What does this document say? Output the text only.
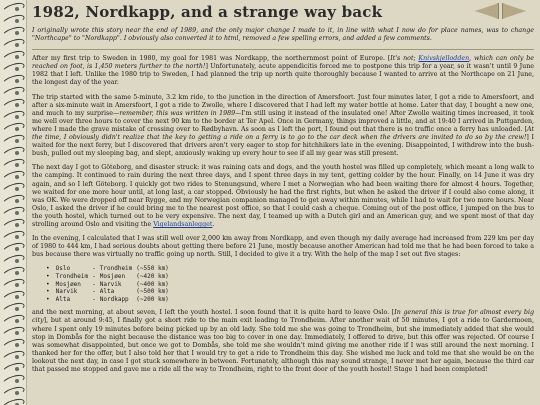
1982, Nordkapp, and a strange way back

I originally wrote this story near the end of 1989, and the only major change I made to it, in line with what I now do for place names, was to change "Northcape" to "Nordkapp". I obviously also converted it to html, removed a few spelling errors, and added a few comments.

After my first trip to Sweden in 1980, my goal for 1981 was Nordkapp, the northernmost point of Europe. [It's not; Knivskjellodden, which can only be reached on foot, is 1,450 meters further to the north!] Unfortunately, acute appendicitis forced me to postpone this trip for a year, so it wasn't until 9 June 1982 that I left. Unlike the 1980 trip to Sweden, I had planned the trip up north quite thoroughly because I wanted to arrive at the Northcape on 21 June, the longest day of the year.

The trip started with the same 5-minute, 3.2 km ride, to the junction in the direction of Amersfoort. Just four minutes later, I got a ride to Amersfoort, and after a six-minute wait in Amersfoort, I got a ride to Zwolle, where I discovered that I had left my water bottle at home. Later that day, I bought a new one, and much to my surprise—remember, this was written in 1989—I'm still using it instead of the insulated one! After Zwolle waiting times increased, it took me well over three hours to cover the next 90 km to the border at Ter Apel. Once in Germany, things improved a little, and at 19:40 I arrived in Puttgarden, where I made the grave mistake of crossing over to Rødbyhavn. As soon as I left the port, I found out that there is no traffic once a ferry has unloaded. [At the time, I obviously didn't realize that the key to getting a ride on a ferry is to go to the car deck when the drivers are invited to do so by the crew!] I waited for the next ferry, but I discovered that drivers aren't very eager to stop for hitchhikers late in the evening. Disappointed, I withdrew into the bush-bush, pulled out my sleeping bag, and slept, anxiously waking up every hour to see if all my gear was still present.

The next day I got to Göteborg, and disaster struck: it was raining cats and dogs, and the youth hostel was filled up completely, which meant a long walk to the camping. It continued to rain during the next three days, and I spent three days in my tent, getting colder by the hour. Finally, on 14 June it was dry again, and so I left Göteborg. I quickly got two rides to Stenungsund, where I met a Norwegian who had been waiting there for almost 4 hours. Together, we waited for one more hour until, at long last, a car stopped. Obviously he had the first rights, but when he asked the driver if I could also come along, it was OK. We were dropped off near Rygge, and my Norwegian companion managed to get away within minutes, while I had to wait for two more hours. Near Oslo, I asked the driver if he could bring me to the nearest post office, so that I could cash a cheque. Coming out of the post office, I jumped on the bus to the youth hostel, which turned out to be very expensive. The next day, I teamed up with a Dutch girl and an American guy, and we spent most of that day strolling around Oslo and visiting the Vigelandsanlegget.

In the evening, I calculated that I was still well over 2,000 km away from Nordkapp, and even though my daily average had increased from 229 km per day of 1980 to 444 km, I had serious doubts about getting there before 21 June, mostly because another American had told me that he had been forced to take a bus because there was virtually no traffic going up north. Still, I decided to give it a try. With the help of the map I set out five stages:

•	Oslo	-	Trondheim	(~550 km)
•	Trondheim	-	Mosjøen	(~420 km)
•	Mosjøen	-	Narvik	(~400 km)
•	Narvik	-	Alta	(~500 km)
•	Alta	-	Nordkapp	(~200 km)

and the next morning, at about seven, I left the youth hostel. I soon found that it is quite hard to leave Oslo. [In general this is true for almost every big city], but at around 9:45, I finally got a short ride to the main exit leading to Trondheim. After another wait of 50 minutes, I got a ride to Gardermoen, where I spent only 19 minutes before being picked up by an old lady. She told me she was going to Trondheim, but she immediately added that she would stop in Dombås for the night because the distance was too big to cover in one day. Immediately, I offered to drive, but this offer was rejected. Of course I was somewhat disappointed, but once we got to Dombås, she told me she wouldn't mind giving me another ride if I was still around the next morning. I thanked her for the offer, but I also told her that I would try to get a ride to Trondheim this day. She wished me luck and told me that she would be on the lookout the next day, in case I got stuck somewhere in between. Fortunately, although this may sound strange, I never met her again, because the third car that passed me stopped and gave me a ride all the way to Trondheim, right to the front door of the youth hostel! Stage 1 had been completed!
